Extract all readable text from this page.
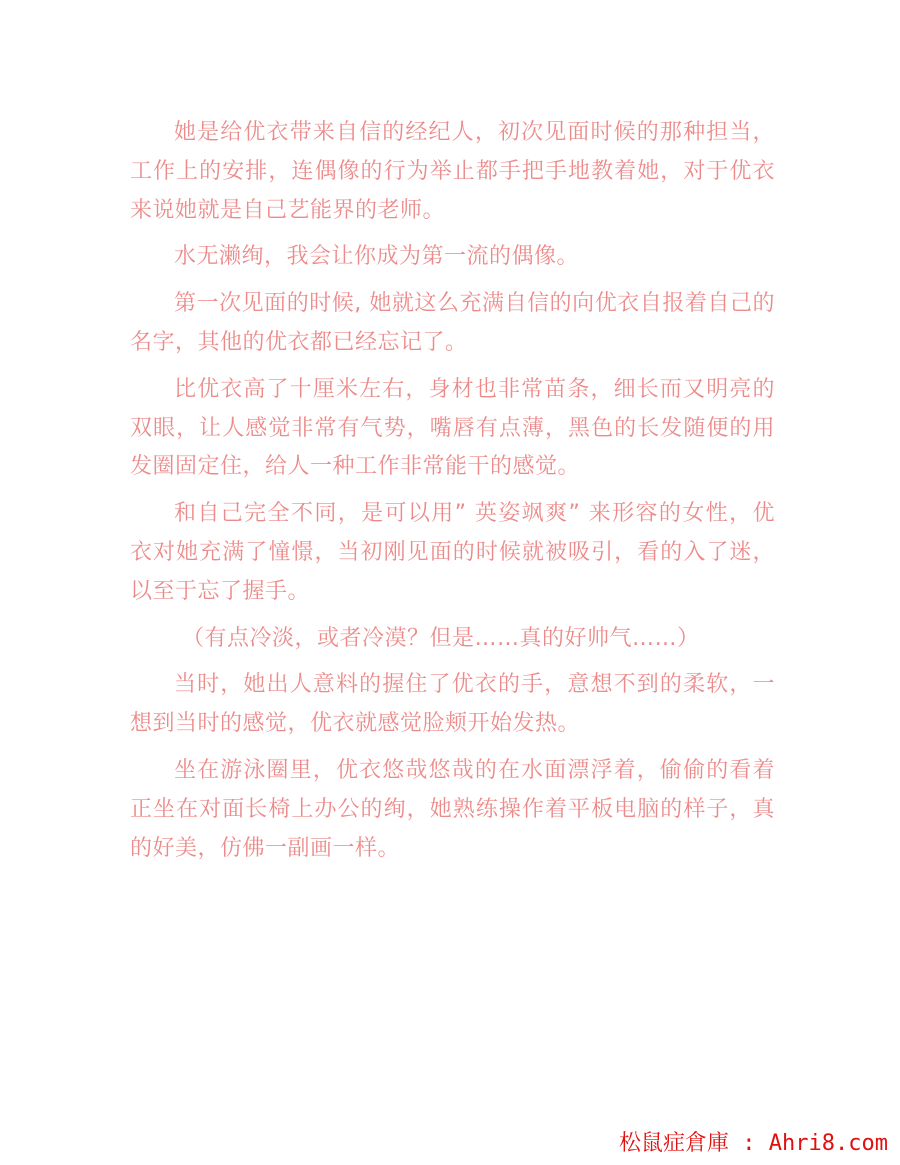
她是给优衣带来自信的经纪人，初次见面时候的那种担当，工作上的安排，连偶像的行为举止都手把手地教着她，对于优衣来说她就是自己艺能界的老师。

水无濑绚，我会让你成为第一流的偶像。

第一次见面的时候, 她就这么充满自信的向优衣自报着自己的名字，其他的优衣都已经忘记了。

比优衣高了十厘米左右，身材也非常苗条，细长而又明亮的双眼，让人感觉非常有气势，嘴唇有点薄，黑色的长发随便的用发圈固定住，给人一种工作非常能干的感觉。

和自己完全不同，是可以用” 英姿飒爽” 来形容的女性，优衣对她充满了憧憬，当初刚见面的时候就被吸引，看的入了迷，以至于忘了握手。

（有点冷淡，或者冷漠？但是……真的好帅气……）

当时，她出人意料的握住了优衣的手，意想不到的柔软，一想到当时的感觉，优衣就感觉脸颊开始发热。

坐在游泳圈里，优衣悠哉悠哉的在水面漂浮着，偷偷的看着正坐在对面长椅上办公的绚，她熟练操作着平板电脑的样子，真的好美，仿佛一副画一样。

松鼠症倉庫 : Ahri8.com
